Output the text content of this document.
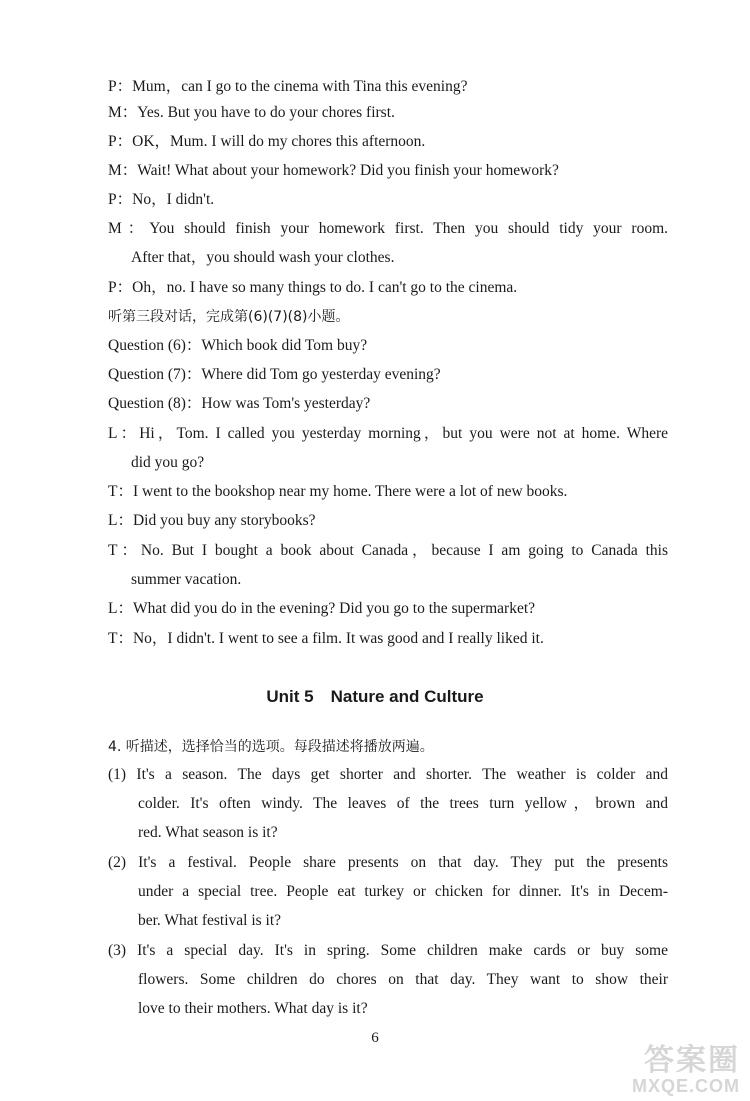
P：Mum，can I go to the cinema with Tina this evening?
M：Yes. But you have to do your chores first.
P：OK，Mum. I will do my chores this afternoon.
M：Wait! What about your homework? Did you finish your homework?
P：No，I didn't.
M：You should finish your homework first. Then you should tidy your room.
After that，you should wash your clothes.
P：Oh，no. I have so many things to do. I can't go to the cinema.
听第三段对话，完成第(6)(7)(8)小题。
Question (6)：Which book did Tom buy?
Question (7)：Where did Tom go yesterday evening?
Question (8)：How was Tom's yesterday?
L：Hi，Tom. I called you yesterday morning，but you were not at home. Where
did you go?
T：I went to the bookshop near my home. There were a lot of new books.
L：Did you buy any storybooks?
T：No. But I bought a book about Canada，because I am going to Canada this
summer vacation.
L：What did you do in the evening? Did you go to the supermarket?
T：No，I didn't. I went to see a film. It was good and I really liked it.
Unit 5　Nature and Culture
4. 听描述，选择恰当的选项。每段描述将播放两遍。
(1) It's a season. The days get shorter and shorter. The weather is colder and
colder. It's often windy. The leaves of the trees turn yellow，brown and
red. What season is it?
(2) It's a festival. People share presents on that day. They put the presents
under a special tree. People eat turkey or chicken for dinner. It's in Decem-
ber. What festival is it?
(3) It's a special day. It's in spring. Some children make cards or buy some
flowers. Some children do chores on that day. They want to show their
love to their mothers. What day is it?
6
答案圈
MXQE.COM
